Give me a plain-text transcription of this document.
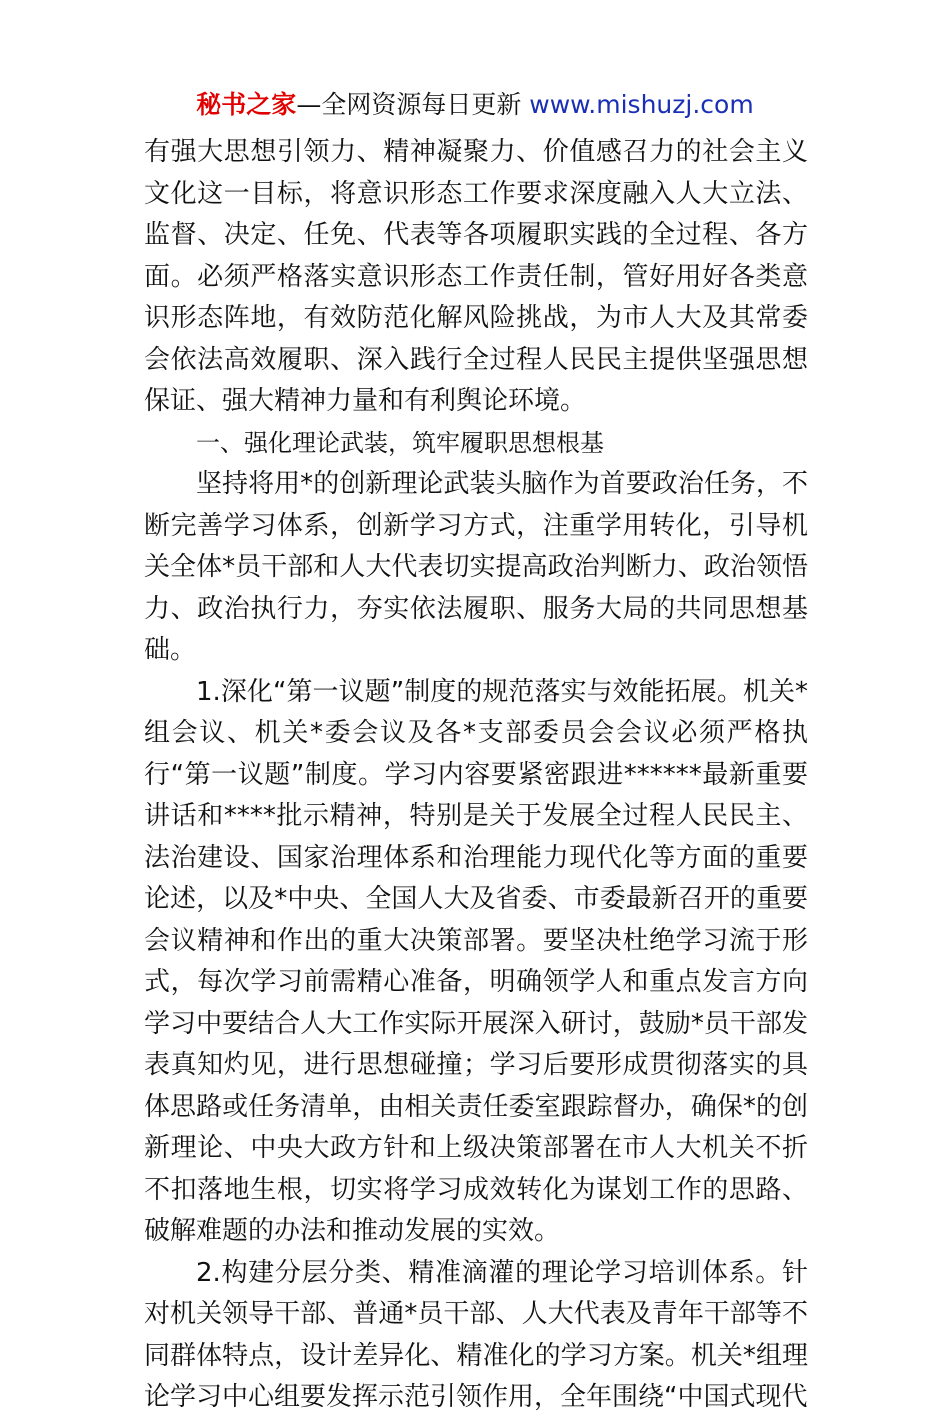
秘书之家—全网资源每日更新 www.mishuzj.com

有强大思想引领力、精神凝聚力、价值感召力的社会主义文化这一目标，将意识形态工作要求深度融入人大立法、监督、决定、任免、代表等各项履职实践的全过程、各方面。必须严格落实意识形态工作责任制，管好用好各类意识形态阵地，有效防范化解风险挑战，为市人大及其常委会依法高效履职、深入践行全过程人民民主提供坚强思想保证、强大精神力量和有利舆论环境。

一、强化理论武装，筑牢履职思想根基

坚持将用*的创新理论武装头脑作为首要政治任务，不断完善学习体系，创新学习方式，注重学用转化，引导机关全体*员干部和人大代表切实提高政治判断力、政治领悟力、政治执行力，夯实依法履职、服务大局的共同思想基础。

1.深化“第一议题”制度的规范落实与效能拓展。机关*组会议、机关*委会议及各*支部委员会会议必须严格执行“第一议题”制度。学习内容要紧密跟进******最新重要讲话和****批示精神，特别是关于发展全过程人民民主、法治建设、国家治理体系和治理能力现代化等方面的重要论述，以及*中央、全国人大及省委、市委最新召开的重要会议精神和作出的重大决策部署。要坚决杜绝学习流于形式，每次学习前需精心准备，明确领学人和重点发言方向学习中要结合人大工作实际开展深入研讨，鼓励*员干部发表真知灼见，进行思想碰撞；学习后要形成贯彻落实的具体思路或任务清单，由相关责任委室跟踪督办，确保*的创新理论、中央大政方针和上级决策部署在市人大机关不折不扣落地生根，切实将学习成效转化为谋划工作的思路、破解难题的办法和推动发展的实效。

2.构建分层分类、精准滴灌的理论学习培训体系。针对机关领导干部、普通*员干部、人大代表及青年干部等不同群体特点，设计差异化、精准化的学习方案。机关*组理论学习中心组要发挥示范引领作用，全年围绕“中国式现代
